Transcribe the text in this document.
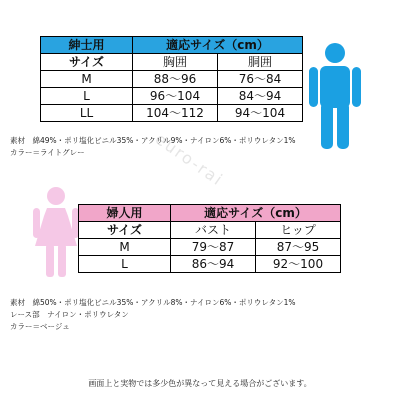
euro-rai
紳士用	適応サイズ（cm）	
サイズ	胸囲	胴囲
M	88～96	76～84
L	96～104	84～94
LL	104～112	94～104
素材　綿49%・ポリ塩化ビニル35%・アクリル9%・ナイロン6%・ポリウレタン1%
カラー＝ライトグレー
婦人用	適応サイズ（cm）	
サイズ	バスト	ヒップ
M	79～87	87～95
L	86～94	92～100
素材　綿50%・ポリ塩化ビニル35%・アクリル8%・ナイロン6%・ポリウレタン1%
レース部　ナイロン・ポリウレタン
カラー＝ベージュ
画面上と実物では多少色が異なって見える場合がございます。
